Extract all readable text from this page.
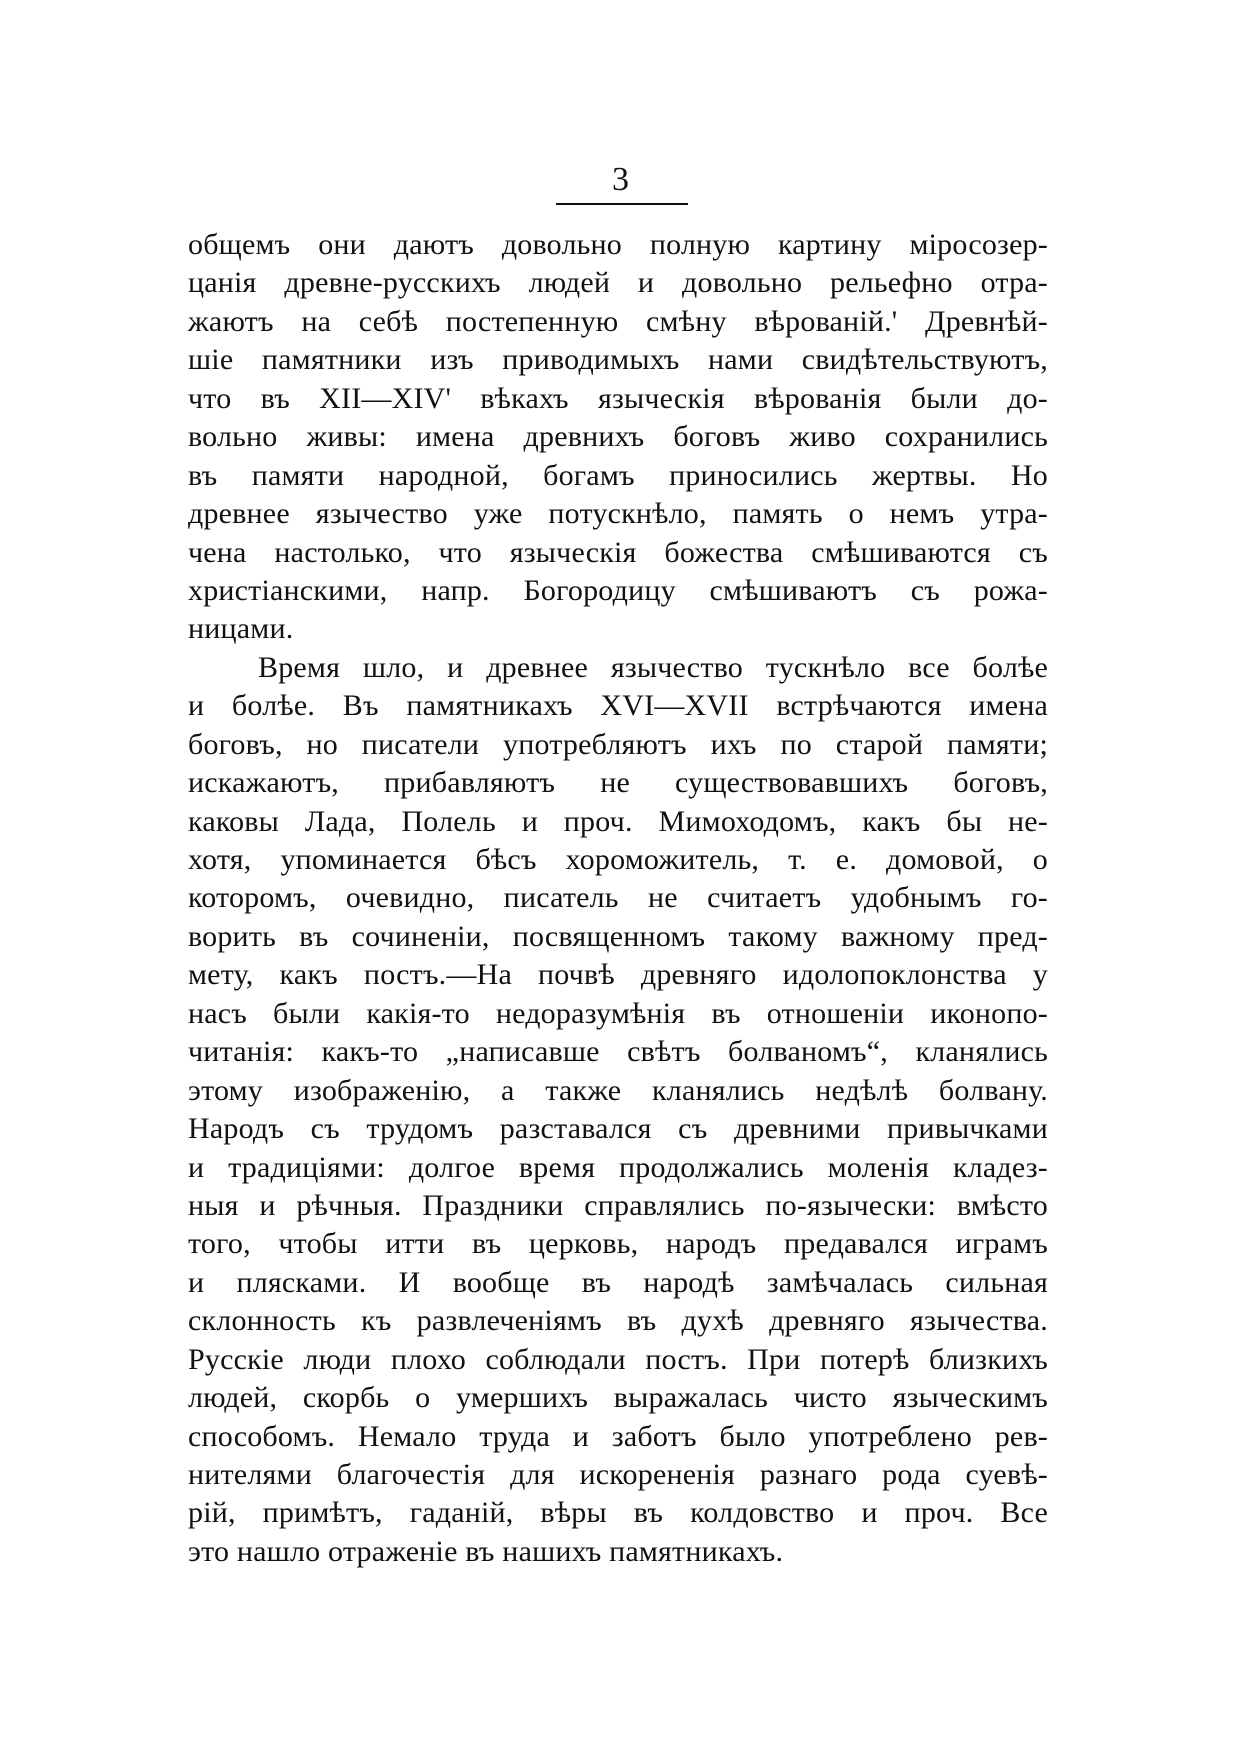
3
общемъ они даютъ довольно полную картину міросозер-
цанія древне-русскихъ людей и довольно рельефно отра-
жаютъ на себѣ постепенную смѣну вѣрованій.' Древнѣй-
шіе памятники изъ приводимыхъ нами свидѣтельствуютъ,
что въ XII—XIV' вѣкахъ языческія вѣрованія были до-
вольно живы: имена древнихъ боговъ живо сохранились
въ памяти народной, богамъ приносились жертвы. Но
древнее язычество уже потускнѣло, память о немъ утра-
чена настолько, что языческія божества смѣшиваются съ
христіанскими, напр. Богородицу смѣшиваютъ съ рожа-
ницами.
Время шло, и древнее язычество тускнѣло все болѣе
и болѣе. Въ памятникахъ XVI—XVII встрѣчаются имена
боговъ, но писатели употребляютъ ихъ по старой памяти;
искажаютъ, прибавляютъ не существовавшихъ боговъ,
каковы Лада, Полель и проч. Мимоходомъ, какъ бы не-
хотя, упоминается бѣсъ хороможитель, т. е. домовой, о
которомъ, очевидно, писатель не считаетъ удобнымъ го-
ворить въ сочиненіи, посвященномъ такому важному пред-
мету, какъ постъ.—На почвѣ древняго идолопоклонства у
насъ были какія-то недоразумѣнія въ отношеніи иконопо-
читанія: какъ-то „написавше свѣтъ болваномъ“, кланялись
этому изображенію, а также кланялись недѣлѣ болвану.
Народъ съ трудомъ разставался съ древними привычками
и традиціями: долгое время продолжались моленія кладез-
ныя и рѣчныя. Праздники справлялись по-язычески: вмѣсто
того, чтобы итти въ церковь, народъ предавался играмъ
и плясками. И вообще въ народѣ замѣчалась сильная
склонность къ развлеченіямъ въ духѣ древняго язычества.
Русскіе люди плохо соблюдали постъ. При потерѣ близкихъ
людей, скорбь о умершихъ выражалась чисто языческимъ
способомъ. Немало труда и заботъ было употреблено рев-
нителями благочестія для искорененія разнаго рода суевѣ-
рій, примѣтъ, гаданій, вѣры въ колдовство и проч. Все
это нашло отраженіе въ нашихъ памятникахъ.
